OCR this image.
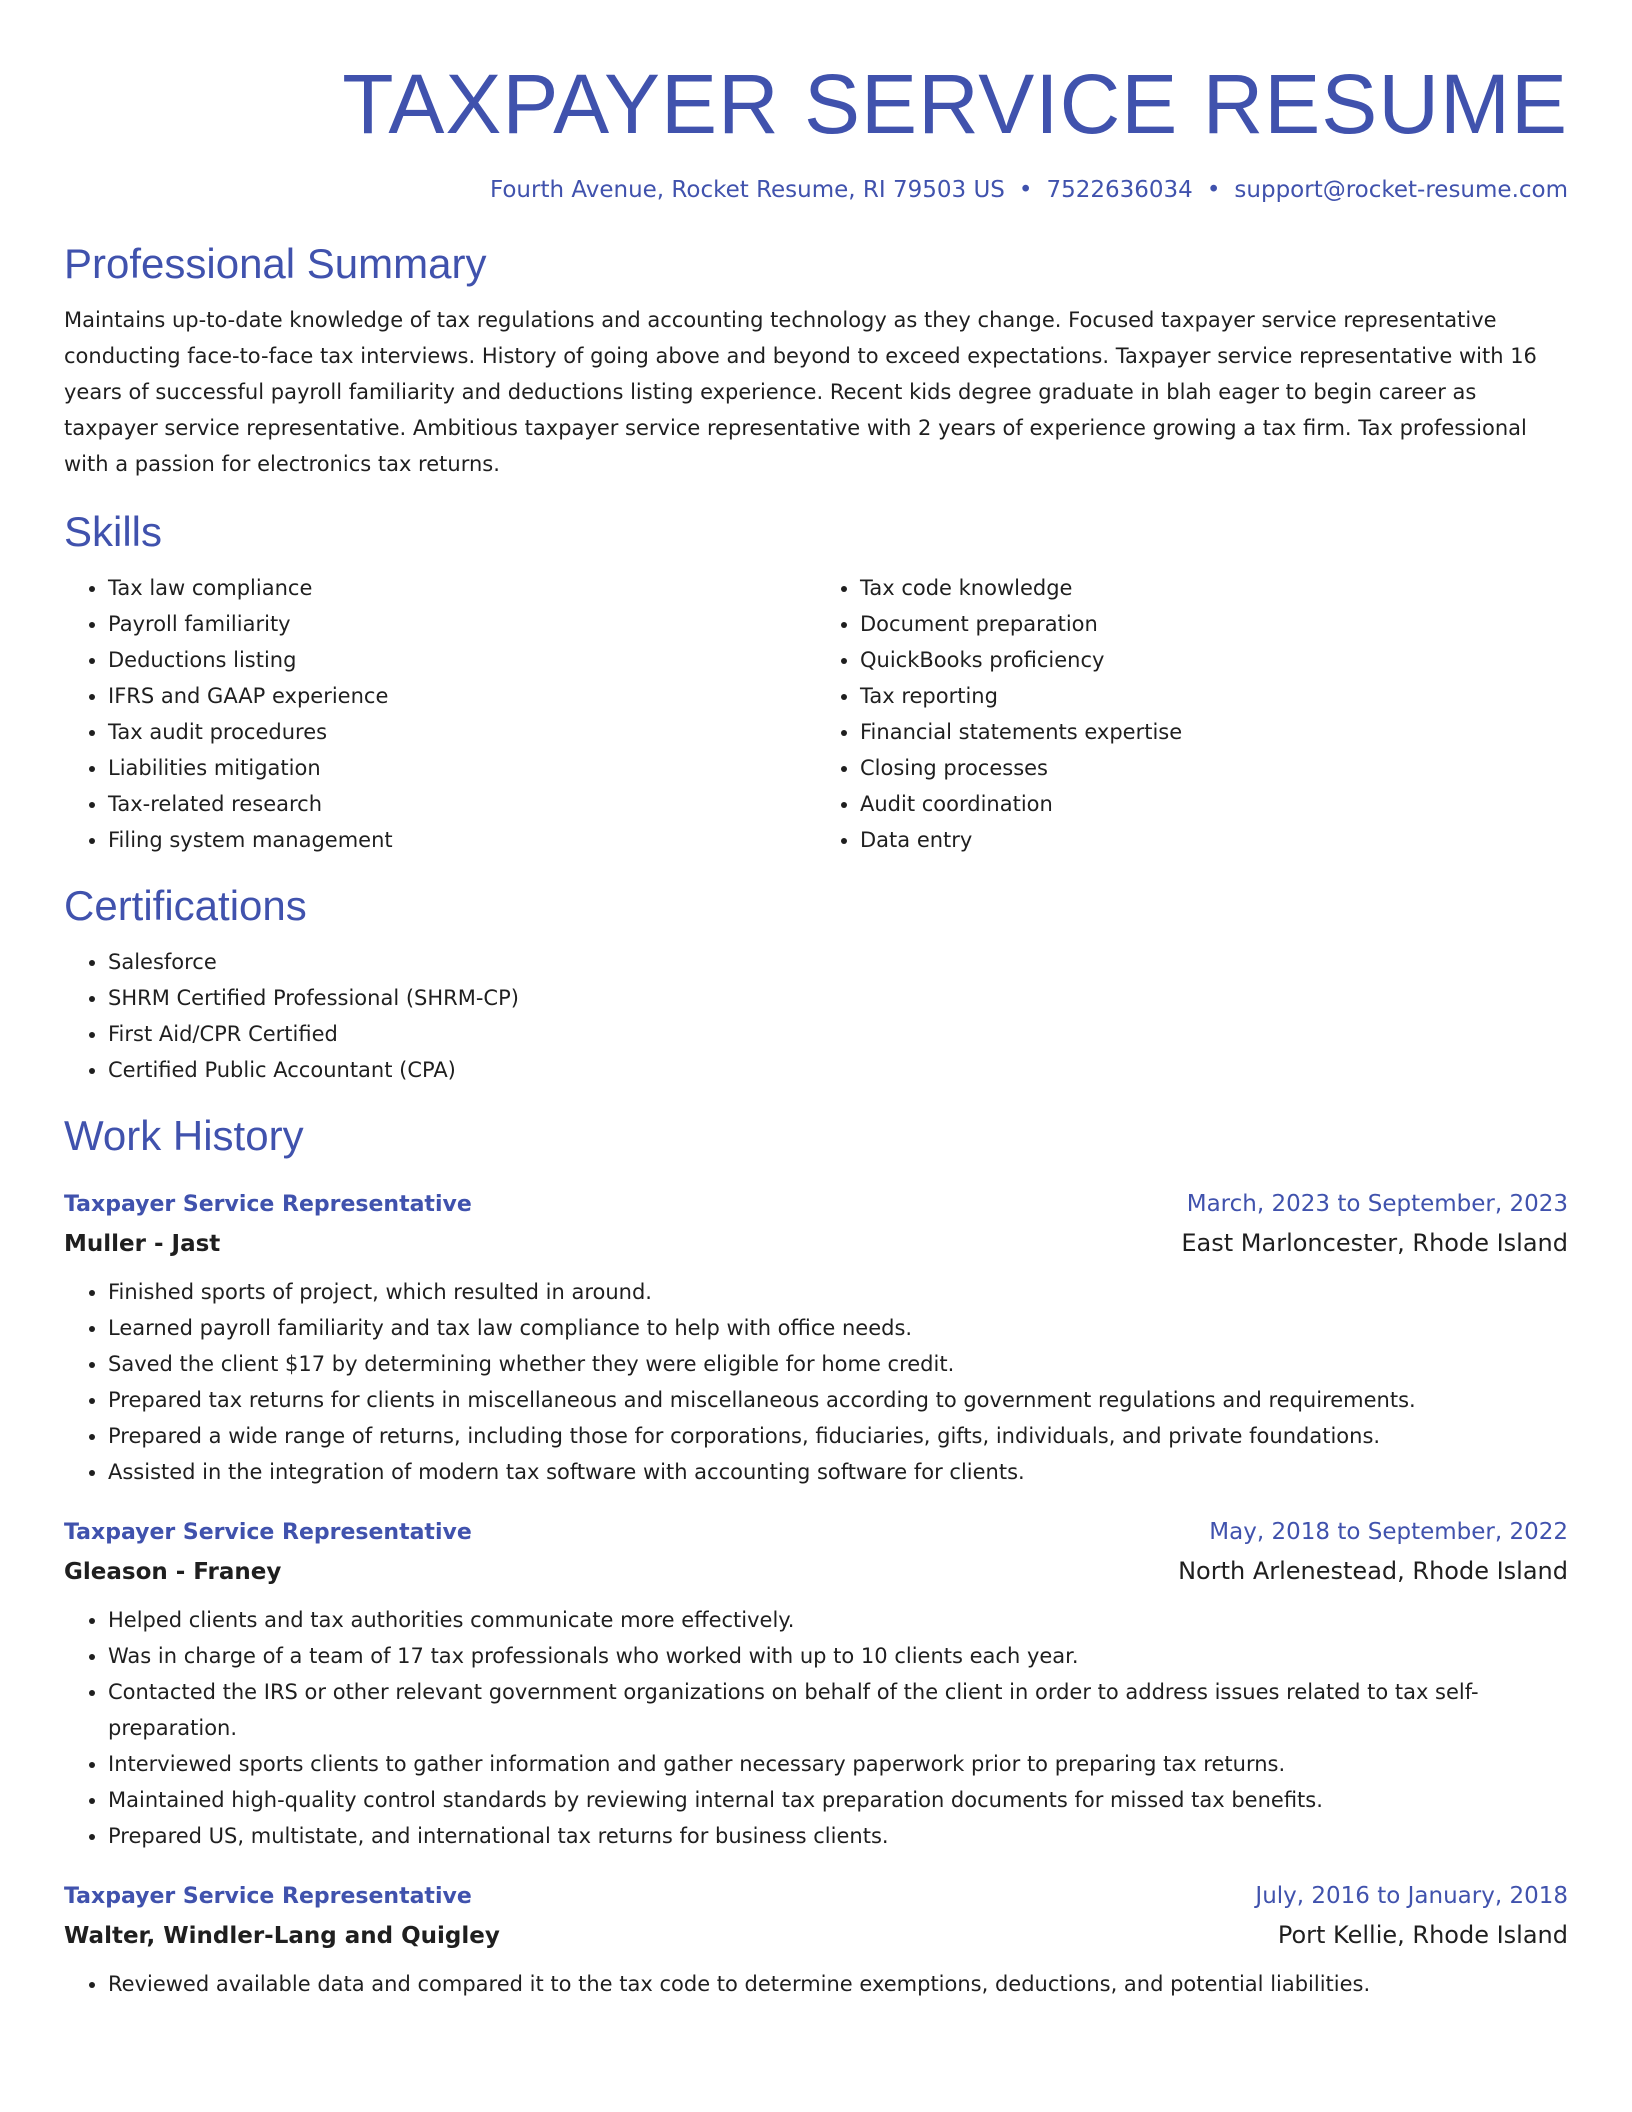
TAXPAYER SERVICE RESUME
Fourth Avenue, Rocket Resume, RI 79503 US • 7522636034 • support@rocket-resume.com
Professional Summary
Maintains up-to-date knowledge of tax regulations and accounting technology as they change. Focused taxpayer service representative conducting face-to-face tax interviews. History of going above and beyond to exceed expectations. Taxpayer service representative with 16 years of successful payroll familiarity and deductions listing experience. Recent kids degree graduate in blah eager to begin career as taxpayer service representative. Ambitious taxpayer service representative with 2 years of experience growing a tax firm. Tax professional with a passion for electronics tax returns.
Skills
• Tax law compliance
• Payroll familiarity
• Deductions listing
• IFRS and GAAP experience
• Tax audit procedures
• Liabilities mitigation
• Tax-related research
• Filing system management
• Tax code knowledge
• Document preparation
• QuickBooks proficiency
• Tax reporting
• Financial statements expertise
• Closing processes
• Audit coordination
• Data entry
Certifications
• Salesforce
• SHRM Certified Professional (SHRM-CP)
• First Aid/CPR Certified
• Certified Public Accountant (CPA)
Work History
Taxpayer Service Representative	March, 2023 to September, 2023
Muller - Jast	East Marloncester, Rhode Island
• Finished sports of project, which resulted in around.
• Learned payroll familiarity and tax law compliance to help with office needs.
• Saved the client $17 by determining whether they were eligible for home credit.
• Prepared tax returns for clients in miscellaneous and miscellaneous according to government regulations and requirements.
• Prepared a wide range of returns, including those for corporations, fiduciaries, gifts, individuals, and private foundations.
• Assisted in the integration of modern tax software with accounting software for clients.
Taxpayer Service Representative	May, 2018 to September, 2022
Gleason - Franey	North Arlenestead, Rhode Island
• Helped clients and tax authorities communicate more effectively.
• Was in charge of a team of 17 tax professionals who worked with up to 10 clients each year.
• Contacted the IRS or other relevant government organizations on behalf of the client in order to address issues related to tax self-preparation.
• Interviewed sports clients to gather information and gather necessary paperwork prior to preparing tax returns.
• Maintained high-quality control standards by reviewing internal tax preparation documents for missed tax benefits.
• Prepared US, multistate, and international tax returns for business clients.
Taxpayer Service Representative	July, 2016 to January, 2018
Walter, Windler-Lang and Quigley	Port Kellie, Rhode Island
• Reviewed available data and compared it to the tax code to determine exemptions, deductions, and potential liabilities.
